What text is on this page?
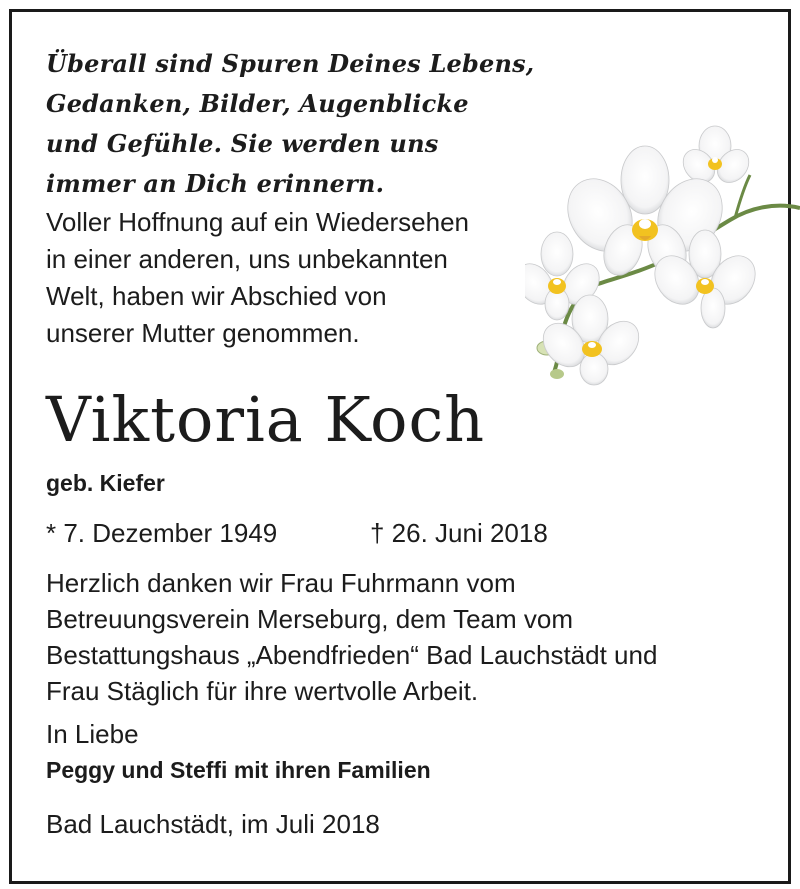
Überall sind Spuren Deines Lebens,
Gedanken, Bilder, Augenblicke
und Gefühle. Sie werden uns
immer an Dich erinnern.
Voller Hoffnung auf ein Wiedersehen
in einer anderen, uns unbekannten
Welt, haben wir Abschied von
unserer Mutter genommen.
Viktoria Koch
geb. Kiefer
* 7. Dezember 1949	† 26. Juni 2018
Herzlich danken wir Frau Fuhrmann vom
Betreuungsverein Merseburg, dem Team vom
Bestattungshaus „Abendfrieden“ Bad Lauchstädt und
Frau Stäglich für ihre wertvolle Arbeit.
In Liebe
Peggy und Steffi mit ihren Familien
Bad Lauchstädt, im Juli 2018
